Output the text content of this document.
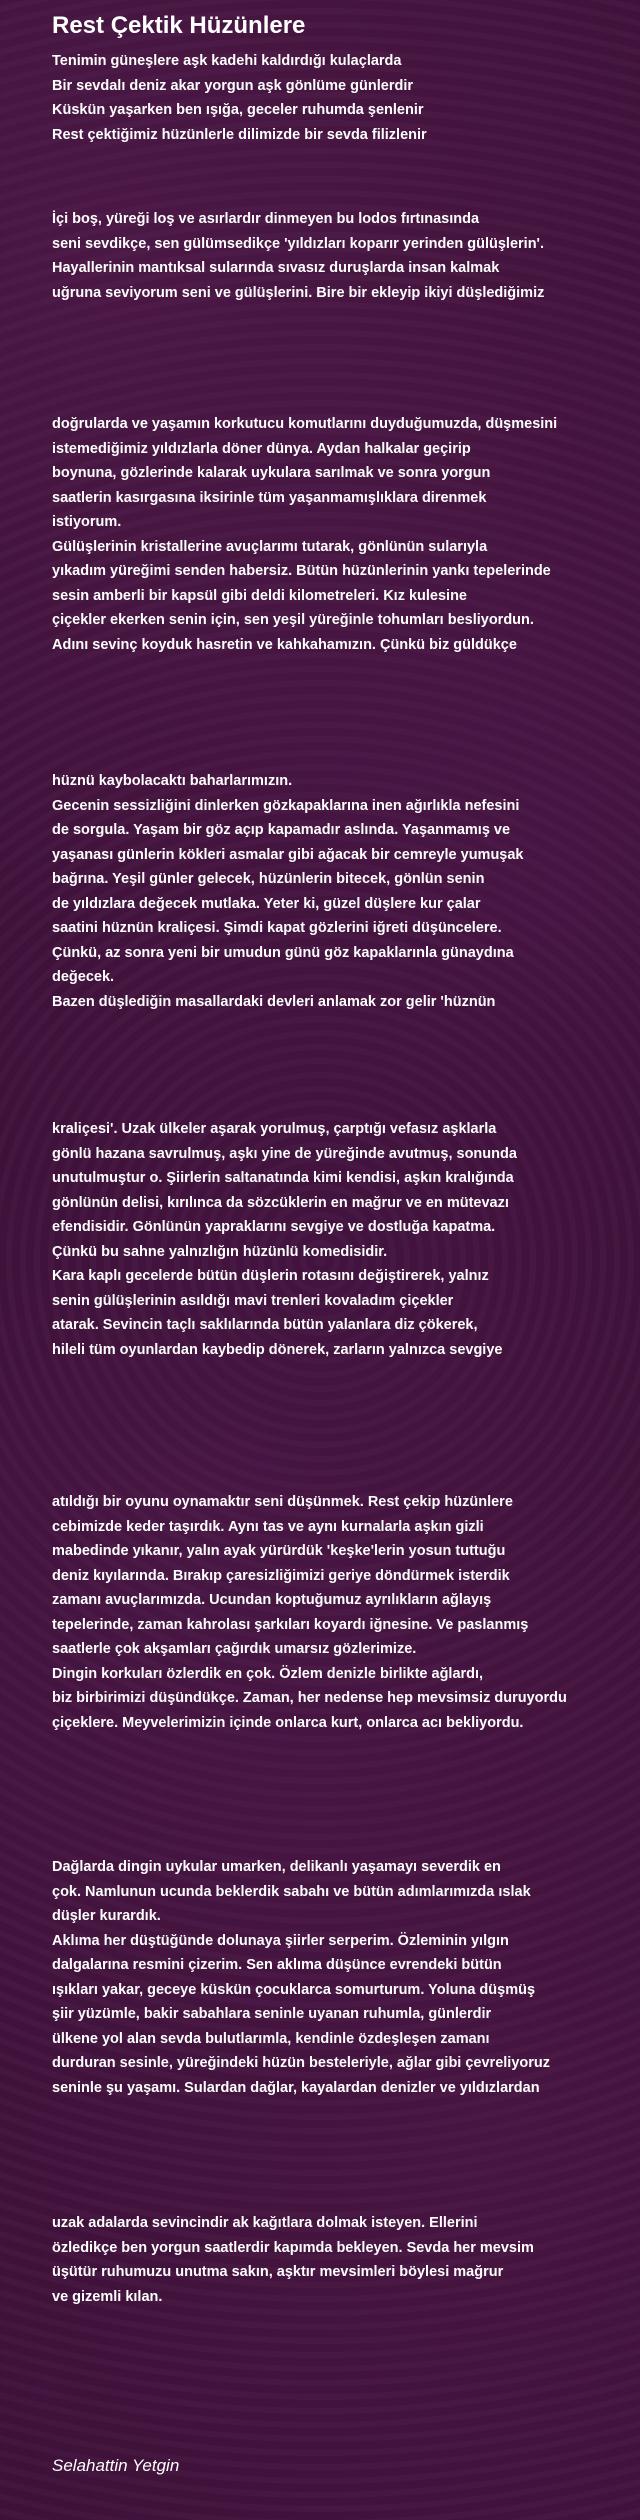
Rest Çektik Hüzünlere
Tenimin güneşlere aşk kadehi kaldırdığı kulaçlarda
Bir sevdalı deniz akar yorgun aşk gönlüme günlerdir
Küskün yaşarken ben ışığa, geceler ruhumda şenlenir
Rest çektiğimiz hüzünlerle dilimizde bir sevda filizlenir
İçi boş, yüreği loş ve asırlardır dinmeyen bu lodos fırtınasında
seni sevdikçe, sen gülümsedikçe 'yıldızları koparır yerinden gülüşlerin'.
Hayallerinin mantıksal sularında sıvasız duruşlarda insan kalmak
uğruna seviyorum seni ve gülüşlerini. Bire bir ekleyip ikiyi düşlediğimiz
doğrularda ve yaşamın korkutucu komutlarını duyduğumuzda, düşmesini
istemediğimiz yıldızlarla döner dünya. Aydan halkalar geçirip
boynuna, gözlerinde kalarak uykulara sarılmak ve sonra yorgun
saatlerin kasırgasına iksirinle tüm yaşanmamışlıklara direnmek
istiyorum.
Gülüşlerinin kristallerine avuçlarımı tutarak, gönlünün sularıyla
yıkadım yüreğimi senden habersiz. Bütün hüzünlerinin yankı tepelerinde
sesin amberli bir kapsül gibi deldi kilometreleri. Kız kulesine
çiçekler ekerken senin için, sen yeşil yüreğinle tohumları besliyordun.
Adını sevinç koyduk hasretin ve kahkahamızın. Çünkü biz güldükçe
hüznü kaybolacaktı baharlarımızın.
Gecenin sessizliğini dinlerken gözkapaklarına inen ağırlıkla nefesini
de sorgula. Yaşam bir göz açıp kapamadır aslında. Yaşanmamış ve
yaşanası günlerin kökleri asmalar gibi ağacak bir cemreyle yumuşak
bağrına. Yeşil günler gelecek, hüzünlerin bitecek, gönlün senin
de yıldızlara değecek mutlaka. Yeter ki, güzel düşlere kur çalar
saatini hüznün kraliçesi. Şimdi kapat gözlerini iğreti düşüncelere.
Çünkü, az sonra yeni bir umudun günü göz kapaklarınla günaydına
değecek.
Bazen düşlediğin masallardaki devleri anlamak zor gelir 'hüznün
kraliçesi'. Uzak ülkeler aşarak yorulmuş, çarptığı vefasız aşklarla
gönlü hazana savrulmuş, aşkı yine de yüreğinde avutmuş, sonunda
unutulmuştur o. Şiirlerin saltanatında kimi kendisi, aşkın kralığında
gönlünün delisi, kırılınca da sözcüklerin en mağrur ve en mütevazı
efendisidir. Gönlünün yapraklarını sevgiye ve dostluğa kapatma.
Çünkü bu sahne yalnızlığın hüzünlü komedisidir.
Kara kaplı gecelerde bütün düşlerin rotasını değiştirerek, yalnız
senin gülüşlerinin asıldığı mavi trenleri kovaladım çiçekler
atarak. Sevincin taçlı saklılarında bütün yalanlara diz çökerek,
hileli tüm oyunlardan kaybedip dönerek, zarların yalnızca sevgiye
atıldığı bir oyunu oynamaktır seni düşünmek. Rest çekip hüzünlere
cebimizde keder taşırdık. Aynı tas ve aynı kurnalarla aşkın gizli
mabedinde yıkanır, yalın ayak yürürdük 'keşke'lerin yosun tuttuğu
deniz kıyılarında. Bırakıp çaresizliğimizi geriye döndürmek isterdik
zamanı avuçlarımızda. Ucundan koptuğumuz ayrılıkların ağlayış
tepelerinde, zaman kahrolası şarkıları koyardı iğnesine. Ve paslanmış
saatlerle çok akşamları çağırdık umarsız gözlerimize.
Dingin korkuları özlerdik en çok. Özlem denizle birlikte ağlardı,
biz birbirimizi düşündükçe. Zaman, her nedense hep mevsimsiz duruyordu
çiçeklere. Meyvelerimizin içinde onlarca kurt, onlarca acı bekliyordu.
Dağlarda dingin uykular umarken, delikanlı yaşamayı severdik en
çok. Namlunun ucunda beklerdik sabahı ve bütün adımlarımızda ıslak
düşler kurardık.
Aklıma her düştüğünde dolunaya şiirler serperim. Özleminin yılgın
dalgalarına resmini çizerim. Sen aklıma düşünce evrendeki bütün
ışıkları yakar, geceye küskün çocuklarca somurturum. Yoluna düşmüş
şiir yüzümle, bakir sabahlara seninle uyanan ruhumla, günlerdir
ülkene yol alan sevda bulutlarımla, kendinle özdeşleşen zamanı
durduran sesinle, yüreğindeki hüzün besteleriyle, ağlar gibi çevreliyoruz
seninle şu yaşamı. Sulardan dağlar, kayalardan denizler ve yıldızlardan
uzak adalarda sevincindir ak kağıtlara dolmak isteyen. Ellerini
özledikçe ben yorgun saatlerdir kapımda bekleyen. Sevda her mevsim
üşütür ruhumuzu unutma sakın, aşktır mevsimleri böylesi mağrur
ve gizemli kılan.

Selahattin Yetgin
